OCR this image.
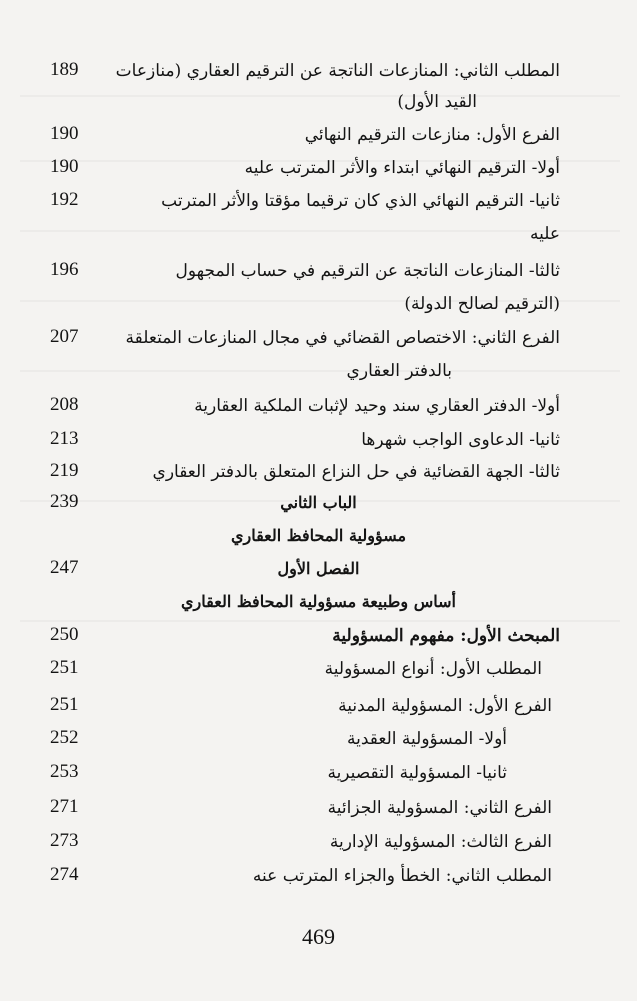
المطلب الثاني: المنازعات الناتجة عن الترقيم العقاري (منازعات
189
القيد الأول)
الفرع الأول: منازعات الترقيم النهائي
190
أولا- الترقيم النهائي ابتداء والأثر المترتب عليه
190
ثانيا- الترقيم النهائي الذي كان ترقيما مؤقتا والأثر المترتب
192
عليه
ثالثا- المنازعات الناتجة عن الترقيم في حساب المجهول
196
(الترقيم لصالح الدولة)
الفرع الثاني: الاختصاص القضائي في مجال المنازعات المتعلقة
207
بالدفتر العقاري
أولا- الدفتر العقاري سند وحيد لإثبات الملكية العقارية
208
ثانيا- الدعاوى الواجب شهرها
213
ثالثا- الجهة القضائية في حل النزاع المتعلق بالدفتر العقاري
219
الباب الثاني
239
مسؤولية المحافظ العقاري
الفصل الأول
247
أساس وطبيعة مسؤولية المحافظ العقاري
المبحث الأول: مفهوم المسؤولية
250
المطلب الأول: أنواع المسؤولية
251
الفرع الأول: المسؤولية المدنية
251
أولا- المسؤولية العقدية
252
ثانيا- المسؤولية التقصيرية
253
الفرع الثاني: المسؤولية الجزائية
271
الفرع الثالث: المسؤولية الإدارية
273
المطلب الثاني: الخطأ والجزاء المترتب عنه
274
469
